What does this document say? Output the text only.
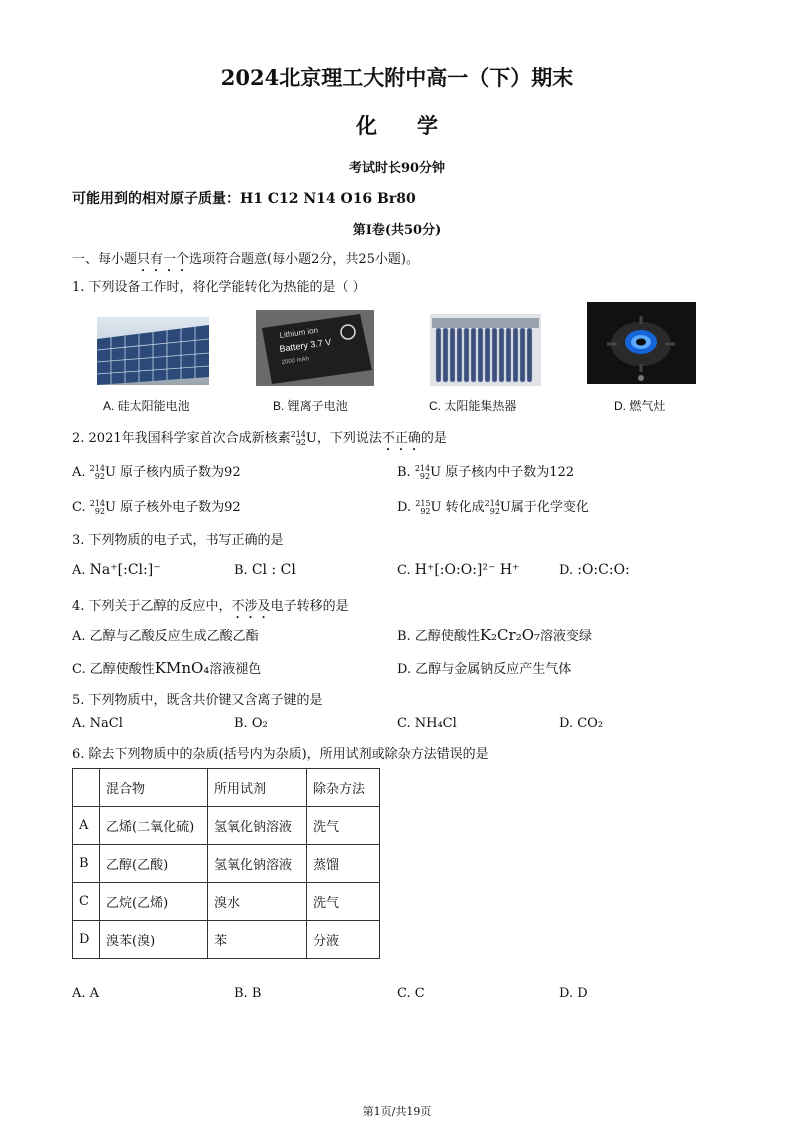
2024北京理工大附中高一（下）期末
化学
考试时长90分钟
可能用到的相对原子质量：H1 C12 N14 O16 Br80
第Ⅰ卷(共50分)
一、每小题只有一个选项符合题意(每小题2分，共25小题)。
1. 下列设备工作时，将化学能转化为热能的是（ ）
Lithium ion
Battery 3.7 V
2000 mAh
A. 硅太阳能电池	B. 锂离子电池	C. 太阳能集热器	D. 燃气灶
2. 2021年我国科学家首次合成新核素 214
92 U，下列说法不正确的是
A. 214
92 U 原子核内质子数为92	B. 214
92 U 原子核内中子数为122
C. 214
92 U 原子核外电子数为92	D. 215
92 U 转化成 214
92 U属于化学变化
3. 下列物质的电子式，书写正确的是
A. Na⁺[:Cl:]⁻	B. Cl : Cl	C. H⁺[:O:O:]²⁻ H⁺	D. :O:C:O:
4. 下列关于乙醇的反应中，不涉及电子转移的是
A. 乙醇与乙酸反应生成乙酸乙酯	B. 乙醇使酸性K₂Cr₂O₇溶液变绿
C. 乙醇使酸性KMnO₄溶液褪色	D. 乙醇与金属钠反应产生气体
5. 下列物质中，既含共价键又含离子键的是
A. NaCl	B. O₂	C. NH₄Cl	D. CO₂
6. 除去下列物质中的杂质(括号内为杂质)，所用试剂或除杂方法错误的是
	混合物	所用试剂	除杂方法
A	乙烯(二氧化硫)	氢氧化钠溶液	洗气
B	乙醇(乙酸)	氢氧化钠溶液	蒸馏
C	乙烷(乙烯)	溴水	洗气
D	溴苯(溴)	苯	分液
A. A	B. B	C. C	D. D
第1页/共19页
